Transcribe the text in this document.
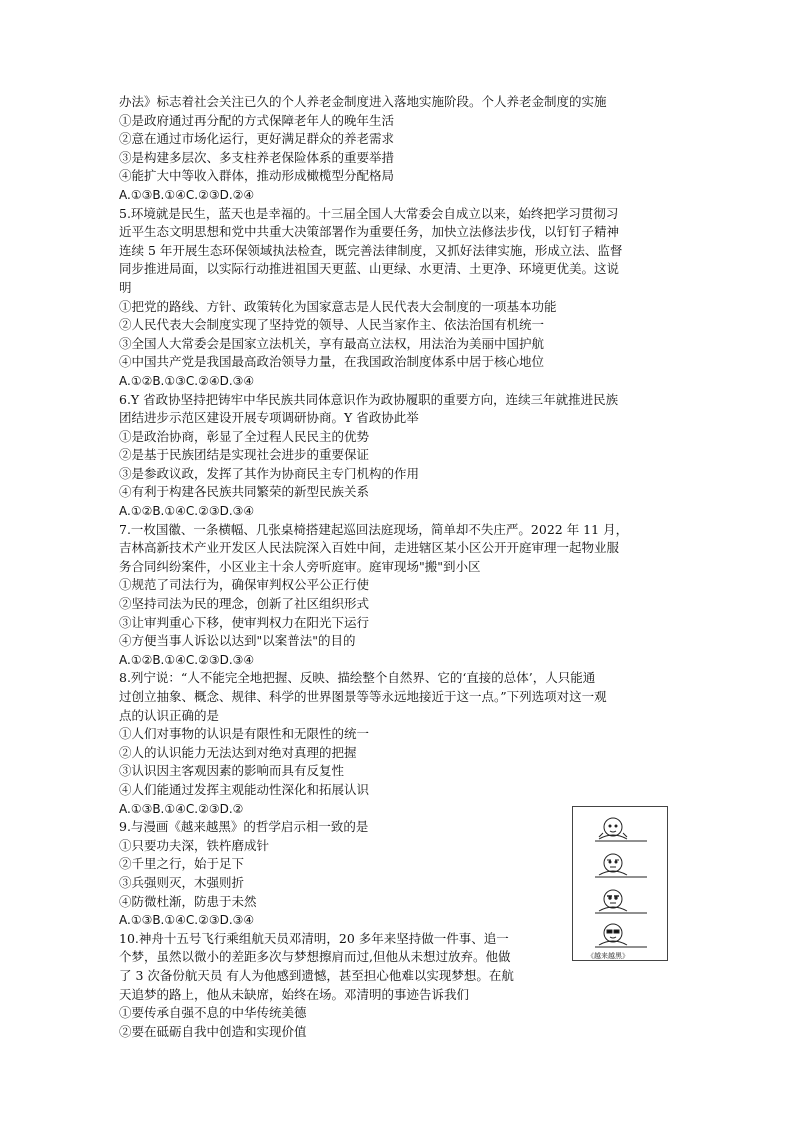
办法》标志着社会关注已久的个人养老金制度进入落地实施阶段。个人养老金制度的实施
①是政府通过再分配的方式保障老年人的晚年生活
②意在通过市场化运行，更好满足群众的养老需求
③是构建多层次、多支柱养老保险体系的重要举措
④能扩大中等收入群体，推动形成橄榄型分配格局
A.①③B.①④C.②③D.②④
5.环境就是民生，蓝天也是幸福的。十三届全国人大常委会自成立以来，始终把学习贯彻习
近平生态文明思想和党中共重大决策部署作为重要任务，加快立法修法步伐，以钉钉子精神
连续 5 年开展生态环保领域执法检查，既完善法律制度，又抓好法律实施，形成立法、监督
同步推进局面，以实际行动推进祖国天更蓝、山更绿、水更清、土更净、环境更优美。这说
明
①把党的路线、方针、政策转化为国家意志是人民代表大会制度的一项基本功能
②人民代表大会制度实现了坚持党的领导、人民当家作主、依法治国有机统一
③全国人大常委会是国家立法机关，享有最高立法权，用法治为美丽中国护航
④中国共产党是我国最高政治领导力量，在我国政治制度体系中居于核心地位
A.①②B.①③C.②④D.③④
6.Y 省政协坚持把铸牢中华民族共同体意识作为政协履职的重要方向，连续三年就推进民族
团结进步示范区建设开展专项调研协商。Y 省政协此举
①是政治协商，彰显了全过程人民民主的优势
②是基于民族团结是实现社会进步的重要保证
③是参政议政，发挥了其作为协商民主专门机构的作用
④有利于构建各民族共同繁荣的新型民族关系
A.①②B.①④C.②③D.③④
7.一枚国徽、一条横幅、几张桌椅搭建起巡回法庭现场，简单却不失庄严。2022 年 11 月，
吉林高新技术产业开发区人民法院深入百姓中间，走进辖区某小区公开开庭审理一起物业服
务合同纠纷案件，小区业主十余人旁听庭审。庭审现场"搬"到小区
①规范了司法行为，确保审判权公平公正行使
②坚持司法为民的理念，创新了社区组织形式
③让审判重心下移，使审判权力在阳光下运行
④方便当事人诉讼以达到"以案普法"的目的
A.①②B.①④C.②③D.③④
8.列宁说：“人不能完全地把握、反映、描绘整个自然界、它的‘直接的总体’，人只能通
过创立抽象、概念、规律、科学的世界图景等等永远地接近于这一点。”下列选项对这一观
点的认识正确的是
①人们对事物的认识是有限性和无限性的统一
②人的认识能力无法达到对绝对真理的把握
③认识因主客观因素的影响而具有反复性
④人们能通过发挥主观能动性深化和拓展认识
A.①③B.①④C.②③D.②
9.与漫画《越来越黑》的哲学启示相一致的是
①只要功夫深，铁杵磨成针
②千里之行，始于足下
③兵强则灭，木强则折
④防微杜渐，防患于未然
A.①③B.①④C.②③D.③④
10.神舟十五号飞行乘组航天员邓清明，20 多年来坚持做一件事、追一
个梦，虽然以微小的差距多次与梦想擦肩而过,但他从未想过放弃。他做
了 3 次备份航天员 有人为他感到遗憾，甚至担心他难以实现梦想。在航
天追梦的路上，他从未缺席，始终在场。邓清明的事迹告诉我们
①要传承自强不息的中华传统美德
②要在砥砺自我中创造和实现价值
《越来越黑》
